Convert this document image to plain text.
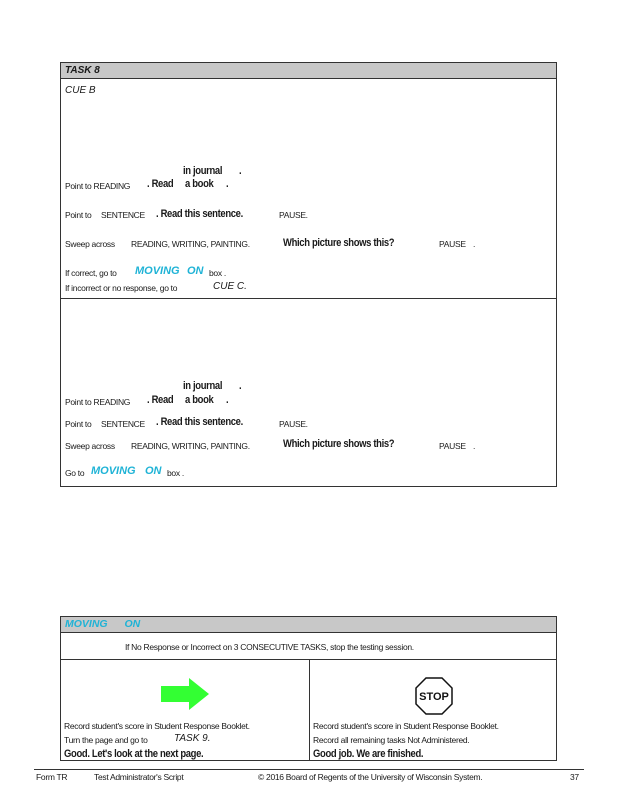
TASK 8
CUE B
in journal .
Point to READING . Read a book .
Point to SENTENCE . Read this sentence.	PAUSE.
Sweep across READING, WRITING, PAINTING.	Which picture shows this?	PAUSE .
If correct, go to MOVING ON box .
If incorrect or no response, go to	CUE C.
in journal .
Point to READING . Read a book .
Point to SENTENCE . Read this sentence.	PAUSE.
Sweep across READING, WRITING, PAINTING.	Which picture shows this?	PAUSE .
Go to MOVING ON box .
MOVING ON
If No Response or Incorrect on 3 CONSECUTIVE TASKS, stop the testing session.
Record student's score in Student Response Booklet.
Turn the page and go to	TASK 9.
Good. Let's look at the next page.
STOP
Record student's score in Student Response Booklet.
Record all remaining tasks Not Administered.
Good job. We are finished.
Form TR	Test Administrator's Script	© 2016 Board of Regents of the University of Wisconsin System.	37
